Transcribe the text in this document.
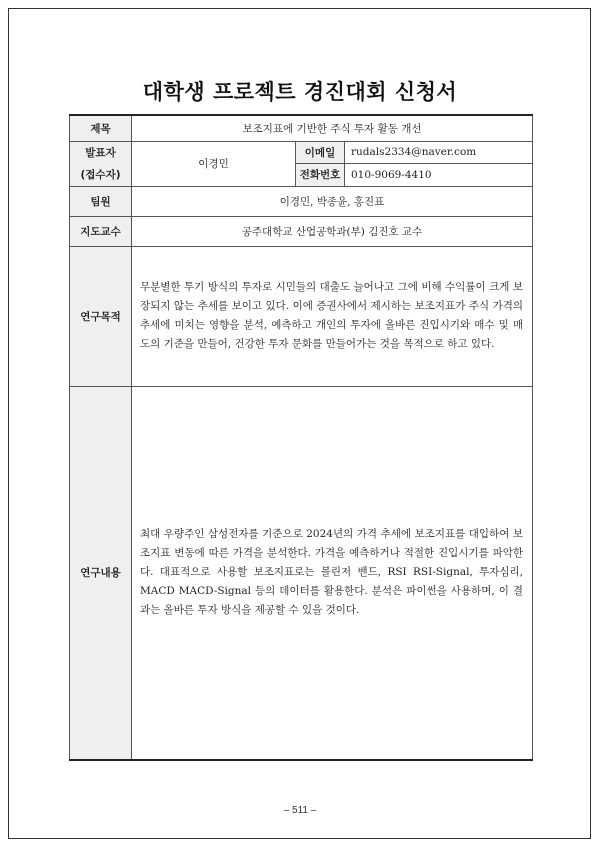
대학생 프로젝트 경진대회 신청서
제목	보조지표에 기반한 주식 투자 활동 개선		

발표자
(접수자)	이경민	이메일	rudals2334@naver.com
		전화번호	010-9069-4410
팀원	이경민, 박종윤, 홍진표		
지도교수	공주대학교 산업공학과(부) 김진호 교수		
연구목적	무분별한 투기 방식의 투자로 시민들의 대출도 늘어나고 그에 비해 수익률이 크게 보장되지 않는 추세를 보이고 있다. 이에 증권사에서 제시하는 보조지표가 주식 가격의 추세에 미치는 영향을 분석, 예측하고 개인의 투자에 올바른 진입시기와 매수 및 매도의 기준을 만들어, 건강한 투자 문화를 만들어가는 것을 목적으로 하고 있다.		

연구내용	최대 우량주인 삼성전자를 기준으로 2024년의 가격 추세에 보조지표를 대입하여 보조지표 변동에 따른 가격을 분석한다. 가격을 예측하거나 적절한 진입시기를 파악한다. 대표적으로 사용할 보조지표로는 볼린저 밴드, RSI RSI-Signal, 투자심리, MACD MACD-Signal 등의 데이터를 활용한다. 분석은 파이썬을 사용하며, 이 결과는 올바른 투자 방식을 제공할 수 있을 것이다.		
– 511 –
